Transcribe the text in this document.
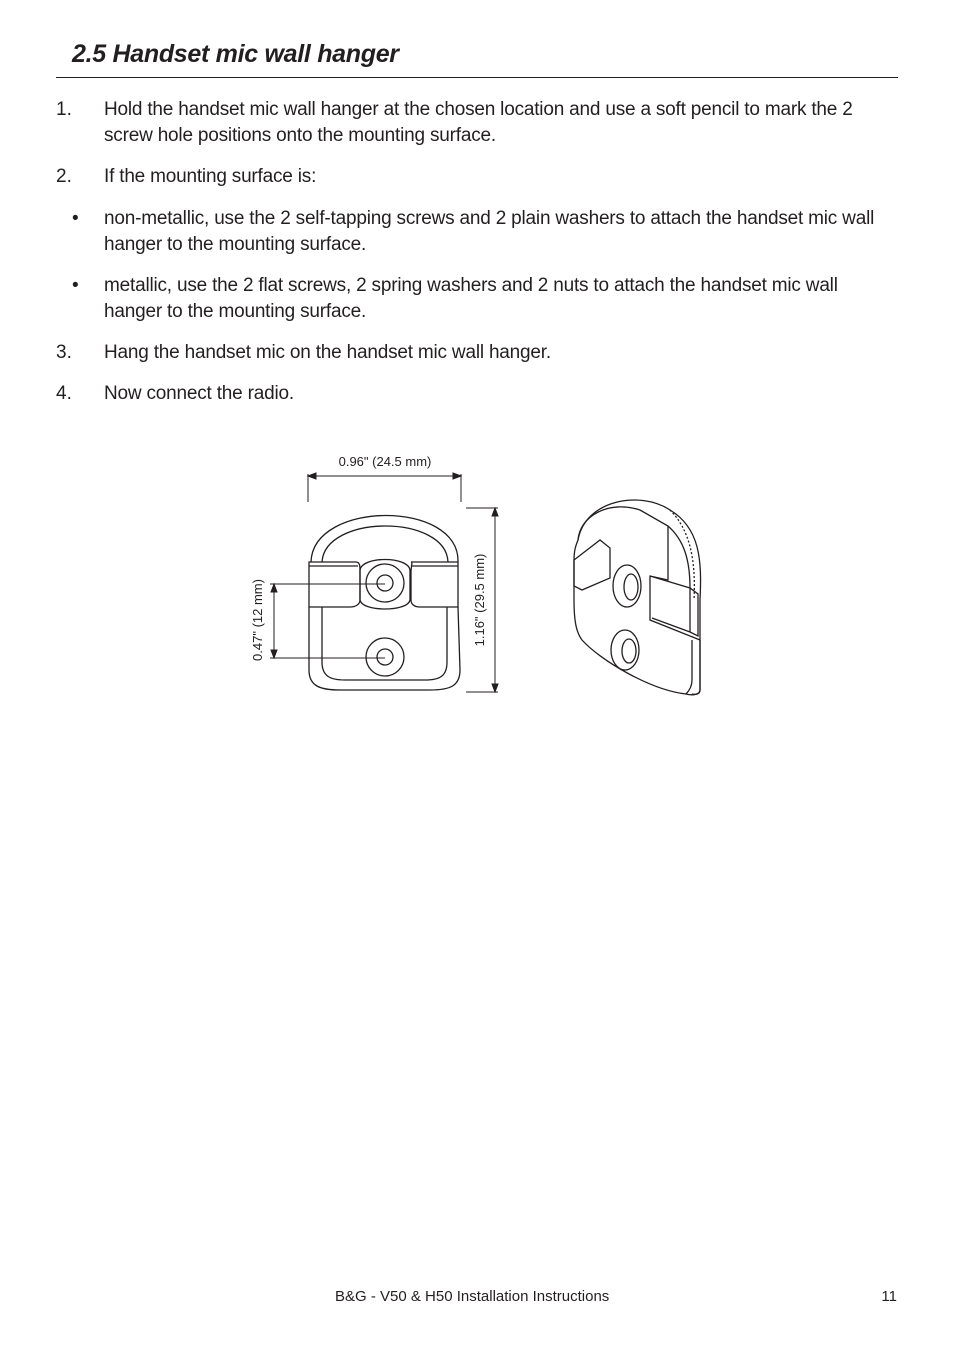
2.5 Handset mic wall hanger
1. Hold the handset mic wall hanger at the chosen location and use a soft pencil to mark the 2 screw hole positions onto the mounting surface.
2. If the mounting surface is:
• non-metallic, use the 2 self-tapping screws and 2 plain washers to attach the handset mic wall hanger to the mounting surface.
• metallic, use the 2 flat screws, 2 spring washers and 2 nuts to attach the handset mic wall hanger to the mounting surface.
3. Hang the handset mic on the handset mic wall hanger.
4. Now connect the radio.
0.96" (24.5 mm)
1.16" (29.5 mm)
0.47" (12 mm)
B&G - V50 & H50 Installation Instructions	11
